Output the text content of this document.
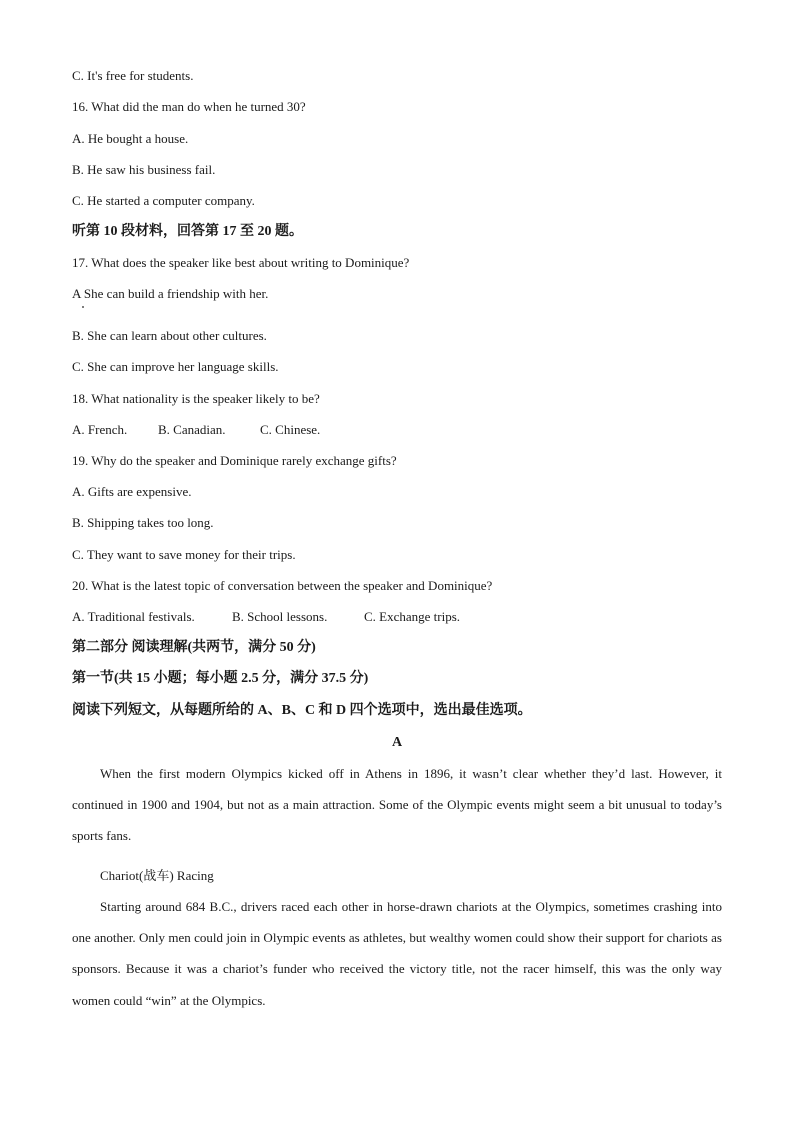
C. It's free for students.
16. What did the man do when he turned 30?
A. He bought a house.
B. He saw his business fail.
C. He started a computer company.
听第 10 段材料，回答第 17 至 20 题。
17. What does the speaker like best about writing to Dominique?
A She can build a friendship with her.
B. She can learn about other cultures.
C. She can improve her language skills.
18. What nationality is the speaker likely to be?
A. French. B. Canadian.	C. Chinese.
19. Why do the speaker and Dominique rarely exchange gifts?
A. Gifts are expensive.
B. Shipping takes too long.
C. They want to save money for their trips.
20. What is the latest topic of conversation between the speaker and Dominique?
A. Traditional festivals.	B. School lessons.	C. Exchange trips.
第二部分 阅读理解(共两节，满分 50 分)
第一节(共 15 小题；每小题 2.5 分，满分 37.5 分)
阅读下列短文，从每题所给的 A、B、C 和 D 四个选项中，选出最佳选项。
A

When the first modern Olympics kicked off in Athens in 1896, it wasn’t clear whether they’d last. However, it continued in 1900 and 1904, but not as a main attraction. Some of the Olympic events might seem a bit unusual to today’s sports fans.

Chariot(战车) Racing

Starting around 684 B.C., drivers raced each other in horse-drawn chariots at the Olympics, sometimes crashing into one another. Only men could join in Olympic events as athletes, but wealthy women could show their support for chariots as sponsors. Because it was a chariot’s funder who received the victory title, not the racer himself, this was the only way women could “win” at the Olympics.
